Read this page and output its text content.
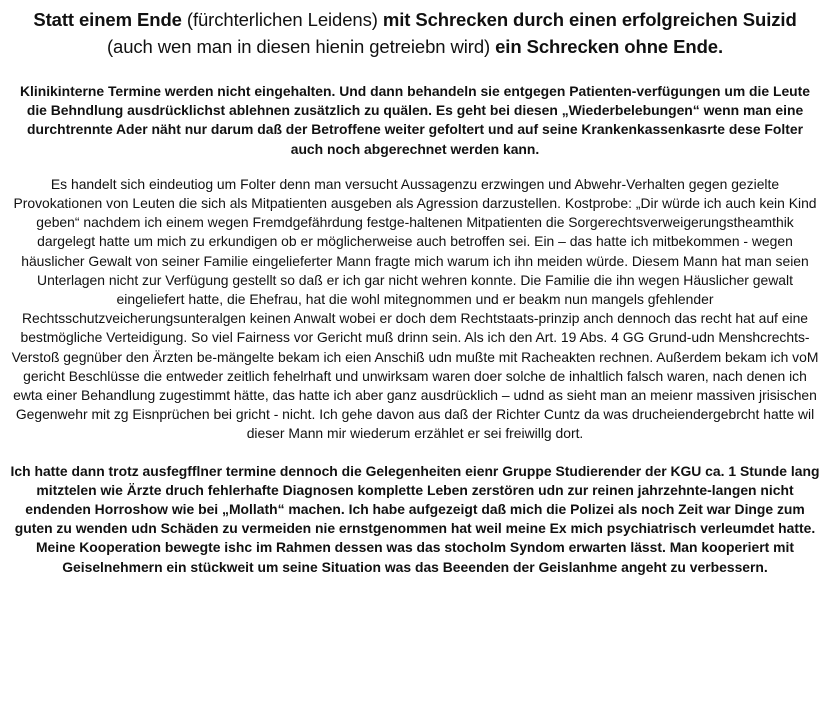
Statt einem Ende (fürchterlichen Leidens) mit Schrecken durch einen erfolgreichen Suizid (auch wen man in diesen hienin getreiebn wird) ein Schrecken ohne Ende.

Klinikinterne Termine werden nicht eingehalten. Und dann behandeln sie entgegen Patienten-verfügungen um die Leute die Behndlung ausdrücklichst ablehnen zusätzlich zu quälen. Es geht bei diesen „Wiederbelebungen“ wenn man eine durchtrennte Ader näht nur darum daß der Betroffene weiter gefoltert und auf seine Krankenkassenkasrte dese Folter auch noch abgerechnet werden kann.

Es handelt sich eindeutiog um Folter denn man versucht Aussagenzu erzwingen und Abwehr-Verhalten gegen gezielte Provokationen von Leuten die sich als Mitpatienten ausgeben als Agression darzustellen. Kostprobe: „Dir würde ich auch kein Kind geben“ nachdem ich einem wegen Fremdgefährdung festge-haltenen Mitpatienten die Sorgerechtsverweigerungstheamthik dargelegt hatte um mich zu erkundigen ob er möglicherweise auch betroffen sei. Ein – das hatte ich mitbekommen - wegen häuslicher Gewalt von seiner Familie eingelieferter Mann fragte mich warum ich ihn meiden würde. Diesem Mann hat man seien Unterlagen nicht zur Verfügung gestellt so daß er ich gar nicht wehren konnte. Die Familie die ihn wegen Häuslicher gewalt eingeliefert hatte, die Ehefrau, hat die wohl mitegnommen und er beakm nun mangels gfehlender Rechtsschutzveicherungsunteralgen keinen Anwalt wobei er doch dem Rechtstaats-prinzip anch dennoch das recht hat auf eine bestmögliche Verteidigung. So viel Fairness vor Gericht muß drinn sein. Als ich den Art. 19 Abs. 4 GG Grund-udn Menshcrechts-Verstoß gegnüber den Ärzten be-mängelte bekam ich eien Anschiß udn mußte mit Racheakten rechnen. Außerdem bekam ich voM gericht Beschlüsse die entweder zeitlich fehelrhaft und unwirksam waren doer solche de inhaltlich falsch waren, nach denen ich ewta einer Behandlung zugestimmt hätte, das hatte ich aber ganz ausdrücklich – udnd as sieht man an meienr massiven jrisischen Gegenwehr mit zg Eisnprüchen bei gricht - nicht. Ich gehe davon aus daß der Richter Cuntz da was drucheiendergebrcht hatte wil dieser Mann mir wiederum erzählet er sei freiwillg dort.

Ich hatte dann trotz ausfegfflner termine dennoch die Gelegenheiten eienr Gruppe Studierender der KGU ca. 1 Stunde lang mitztelen wie Ärzte druch fehlerhafte Diagnosen komplette Leben zerstören udn zur reinen jahrzehnte-langen nicht endenden Horroshow wie bei „Mollath“ machen. Ich habe aufgezeigt daß mich die Polizei als noch Zeit war Dinge zum guten zu wenden udn Schäden zu vermeiden nie ernstgenommen hat weil meine Ex mich psychiatrisch verleumdet hatte. Meine Kooperation bewegte ishc im Rahmen dessen was das stocholm Syndom erwarten lässt. Man kooperiert mit Geiselnehmern ein stückweit um seine Situation was das Beeenden der Geislanhme angeht zu verbessern.
